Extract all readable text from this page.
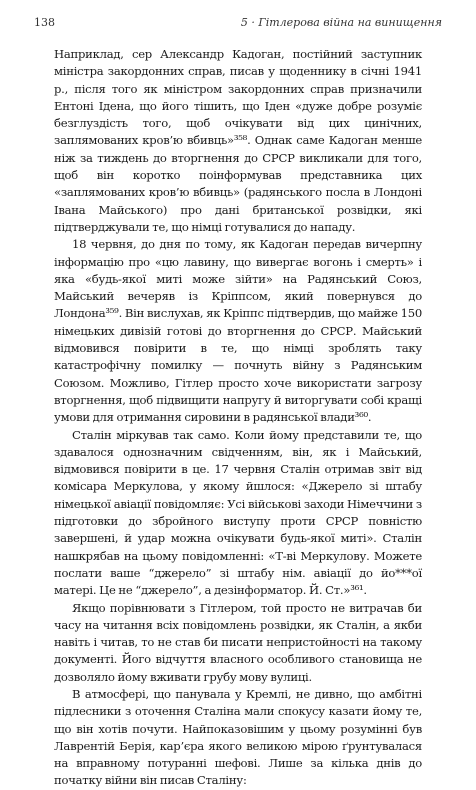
138	5 · Гітлерова війна на винищення

Наприклад, сер Александр Кадоган, постійний заступник міністра закордонних справ, писав у щоденнику в січні 1941 р., після того як міністром закордонних справ призначили Ентоні Ідена, що його тішить, що Іден «дуже добре розуміє безглуздість того, щоб очікувати від цих цинічних, заплямованих кров’ю вбивць»³⁵⁸. Однак саме Кадоган менше ніж за тиждень до вторгнення до СРСР викликали для того, щоб він коротко поінформував представника цих «заплямованих кров’ю вбивць» (радянського посла в Лондоні Івана Майського) про дані британської розвідки, які підтверджували те, що німці готувалися до нападу.

18 червня, до дня по тому, як Кадоган передав вичерпну інформацію про «цю лавину, що вивергає вогонь і смерть» і яка «будь-якої миті може зійти» на Радянський Союз, Майський вечеряв із Кріппсом, який повернувся до Лондона³⁵⁹. Він вислухав, як Кріппс підтвердив, що майже 150 німецьких дивізій готові до вторгнення до СРСР. Майський відмовився повірити в те, що німці зроблять таку катастрофічну помилку — почнуть війну з Радянським Союзом. Можливо, Гітлер просто хоче використати загрозу вторгнення, щоб підвищити напругу й виторгувати собі кращі умови для отримання сировини в радянської влади³⁶⁰.

Сталін міркував так само. Коли йому представили те, що здавалося однозначним свідченням, він, як і Майський, відмовився повірити в це. 17 червня Сталін отримав звіт від комісара Меркулова, у якому йшлося: «Джерело зі штабу німецької авіації повідомляє: Усі військові заходи Німеччини з підготовки до збройного виступу проти СРСР повністю завершені, й удар можна очікувати будь-якої миті». Сталін нашкрябав на цьому повідомленні: «Т-ві Меркулову. Можете послати ваше “джерело” зі штабу нім. авіації до йо***ої матері. Це не “джерело”, а дезінформатор. Й. Ст.»³⁶¹.

Якщо порівнювати з Гітлером, той просто не витрачав би часу на читання всіх повідомлень розвідки, як Сталін, а якби навіть і читав, то не став би писати непристойності на такому документі. Його відчуття власного особливого становища не дозволяло йому вживати грубу мову вулиці.

В атмосфері, що панувала у Кремлі, не дивно, що амбітні підлесники з оточення Сталіна мали спокусу казати йому те, що він хотів почути. Найпоказовішим у цьому розумінні був Лаврентій Берія, кар’єра якого великою мірою ґрунтувалася на вправному потуранні шефові. Лише за кілька днів до початку війни він писав Сталіну:
